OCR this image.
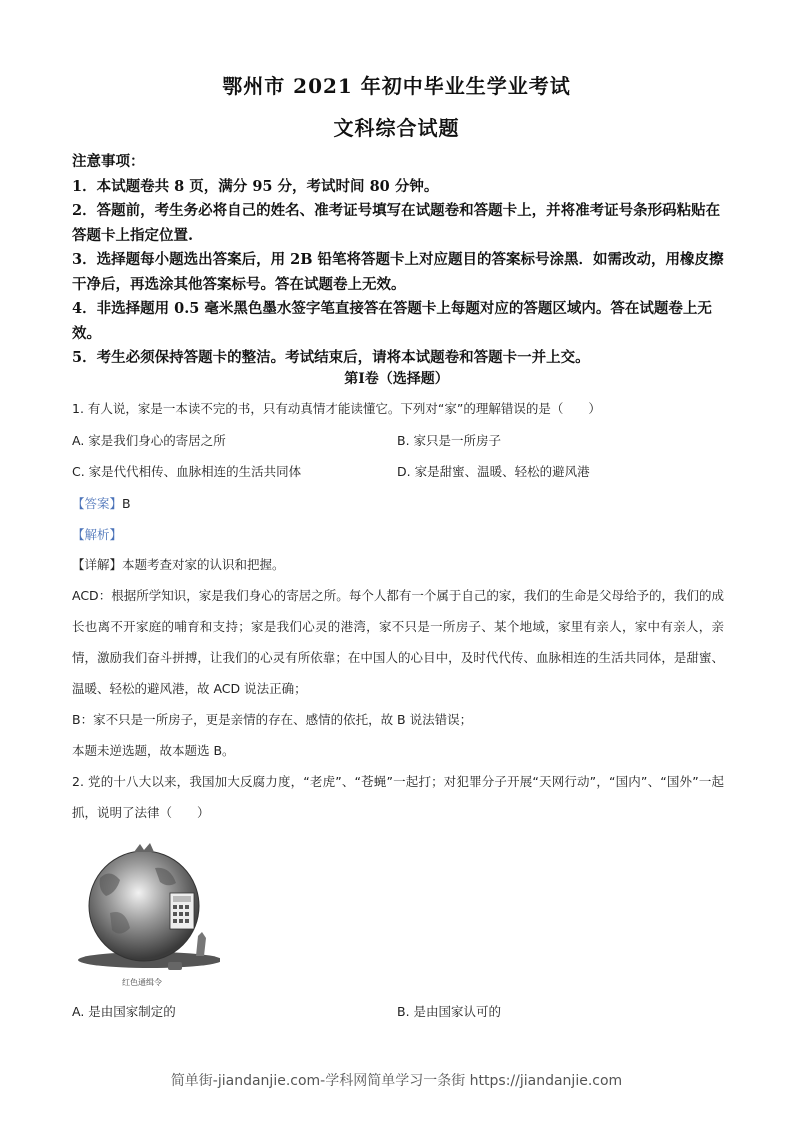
鄂州市 2021 年初中毕业生学业考试
文科综合试题

注意事项：

1．本试题卷共 8 页，满分 95 分，考试时间 80 分钟。

2．答题前，考生务必将自己的姓名、准考证号填写在试题卷和答题卡上，并将准考证号条形码粘贴在答题卡上指定位置.

3．选择题每小题选出答案后，用 2B 铅笔将答题卡上对应题目的答案标号涂黑．如需改动，用橡皮擦干净后，再选涂其他答案标号。答在试题卷上无效。

4．非选择题用 0.5 毫米黑色墨水签字笔直接答在答题卡上每题对应的答题区域内。答在试题卷上无效。

5．考生必须保持答题卡的整洁。考试结束后，请将本试题卷和答题卡一并上交。

第Ⅰ卷（选择题）
1. 有人说，家是一本读不完的书，只有动真情才能读懂它。下列对“家”的理解错误的是（　　）
A. 家是我们身心的寄居之所	B. 家只是一所房子
C. 家是代代相传、血脉相连的生活共同体	D. 家是甜蜜、温暖、轻松的避风港
【答案】B
【解析】
【详解】本题考查对家的认识和把握。
ACD：根据所学知识，家是我们身心的寄居之所。每个人都有一个属于自己的家，我们的生命是父母给予的，我们的成长也离不开家庭的哺育和支持；家是我们心灵的港湾，家不只是一所房子、某个地域，家里有亲人，家中有亲人，亲情，激励我们奋斗拼搏，让我们的心灵有所依靠；在中国人的心目中，及时代代传、血脉相连的生活共同体，是甜蜜、温暖、轻松的避风港，故 ACD 说法正确；
B：家不只是一所房子，更是亲情的存在、感情的依托，故 B 说法错误；
本题未逆选题，故本题选 B。
2. 党的十八大以来，我国加大反腐力度，“老虎”、“苍蝇”一起打；对犯罪分子开展“天网行动”，“国内”、“国外”一起抓，说明了法律（　　）
红色通缉令
A. 是由国家制定的	B. 是由国家认可的
简单街-jiandanjie.com-学科网简单学习一条街 https://jiandanjie.com
